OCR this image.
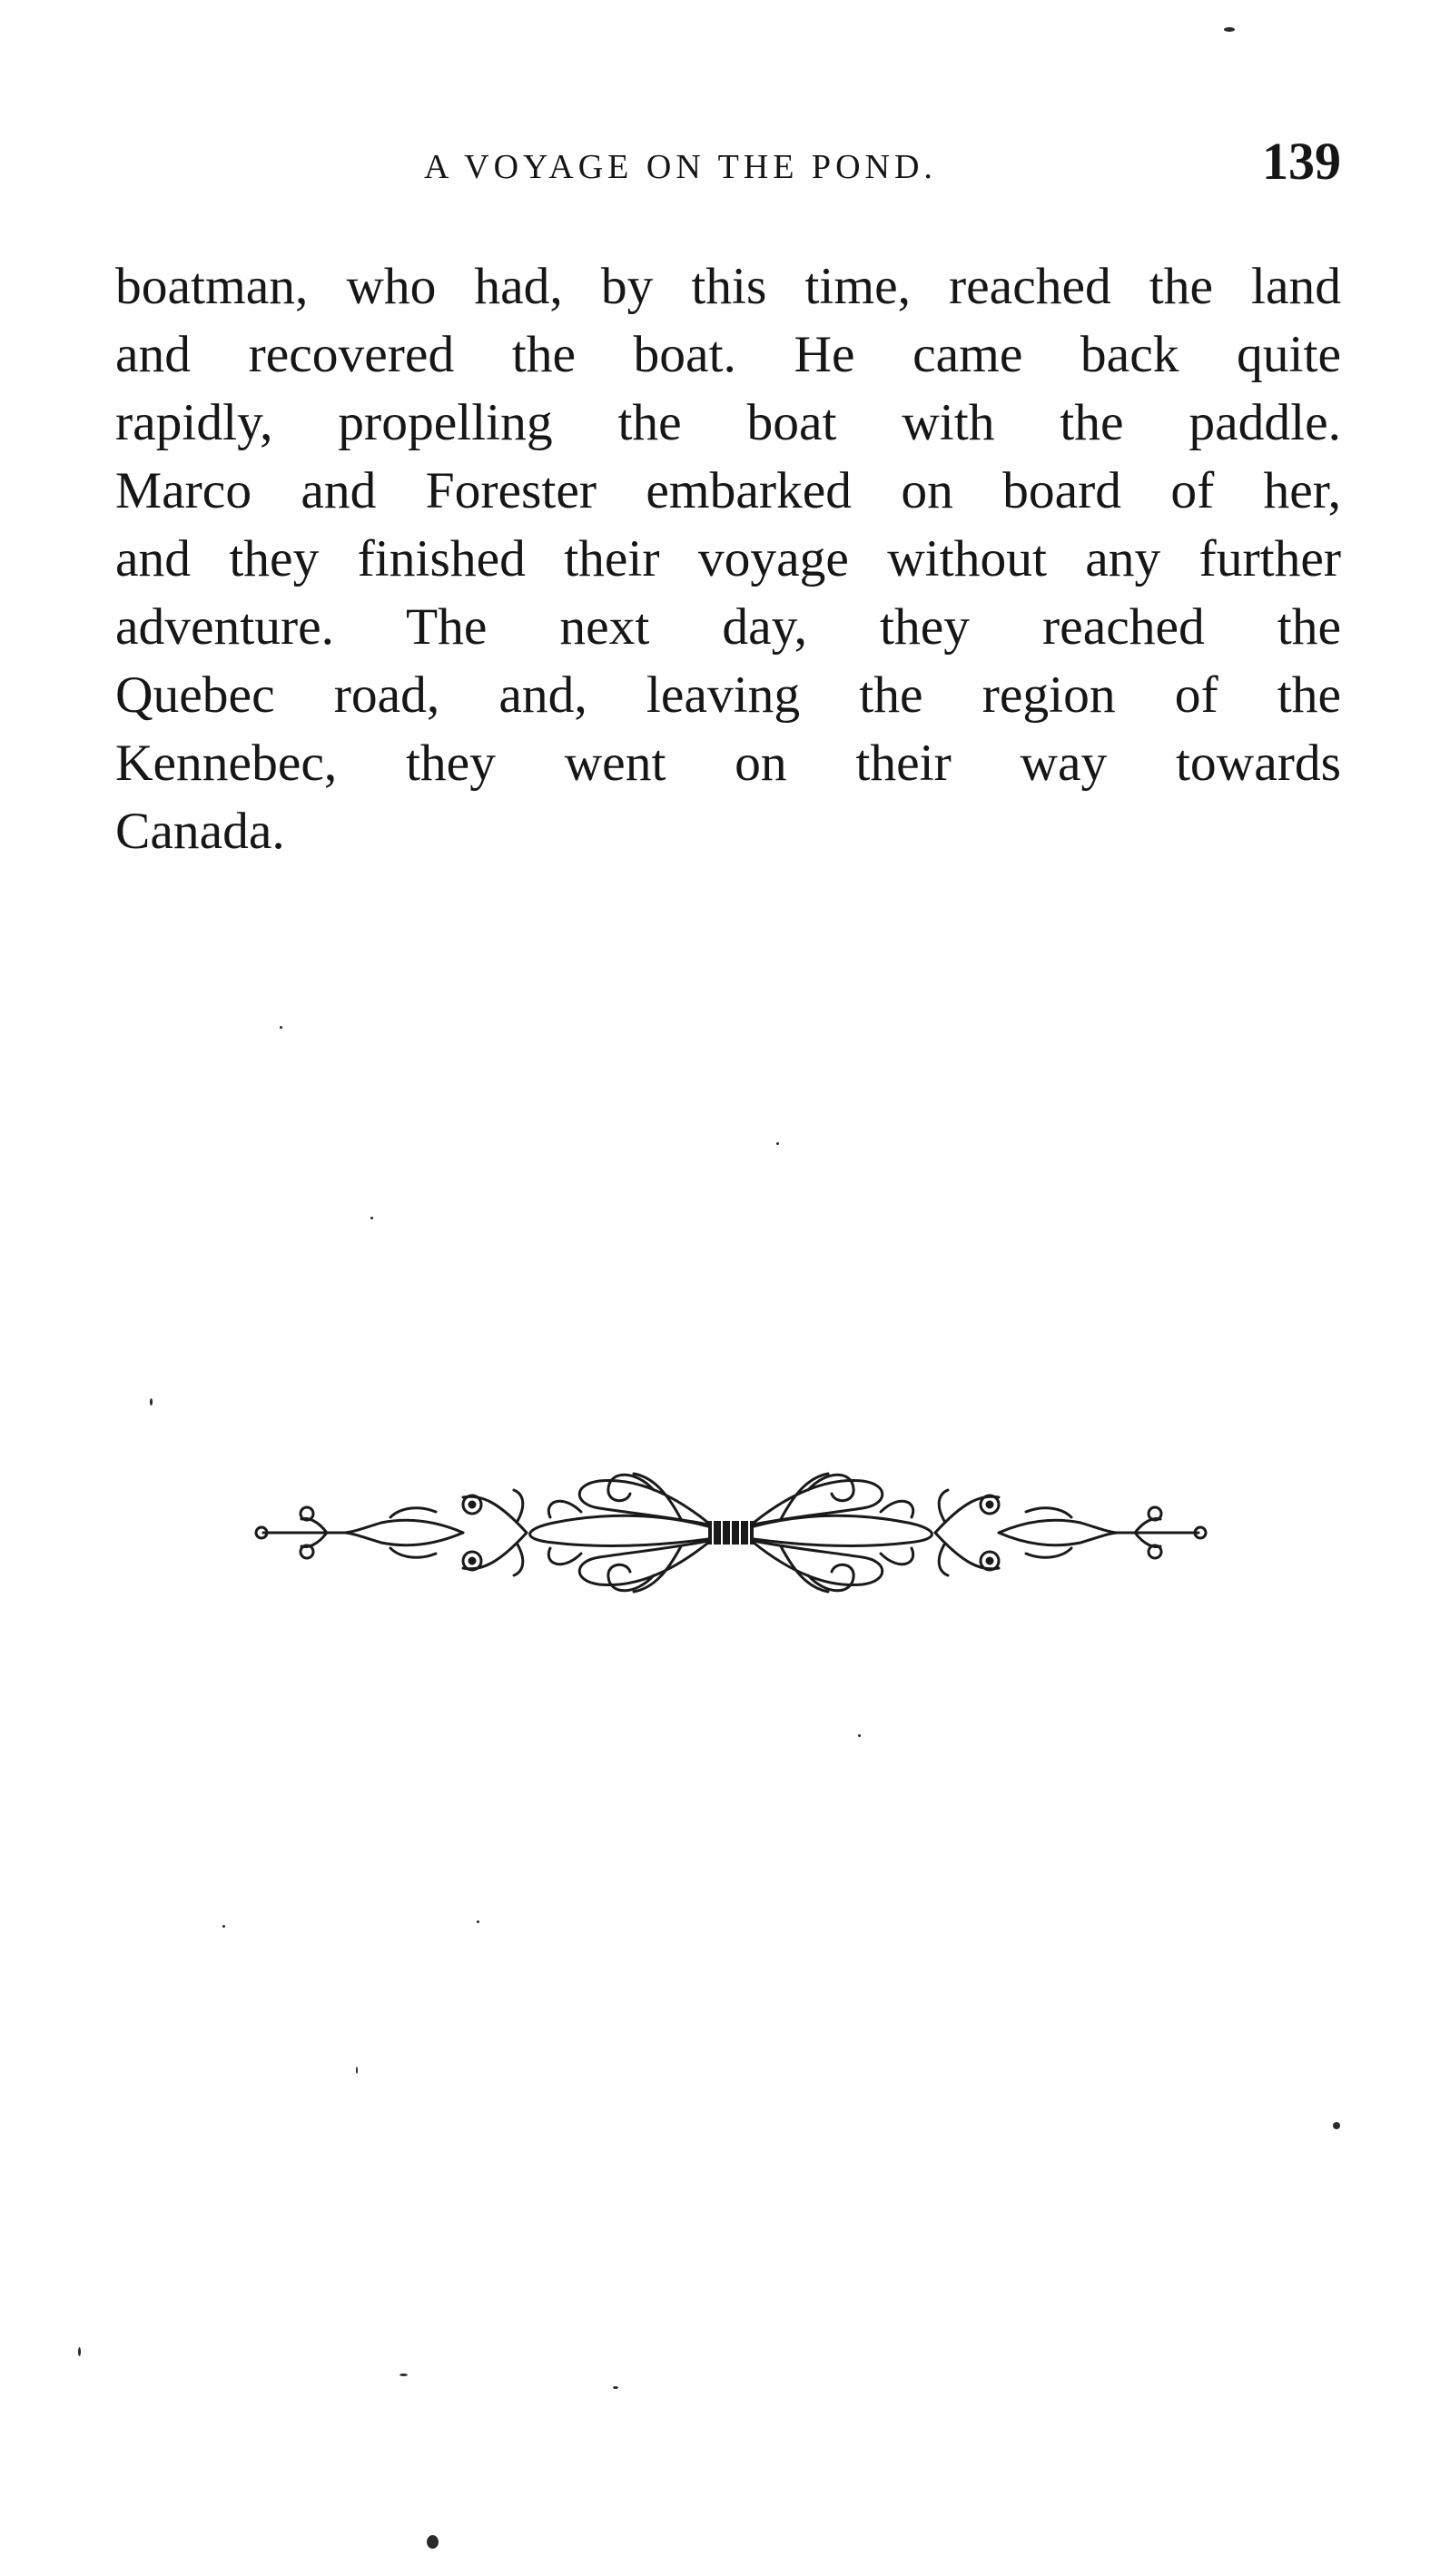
A VOYAGE ON THE POND.	139

boatman, who had, by this time, reached the land
and recovered the boat. He came back quite
rapidly, propelling the boat with the paddle.
Marco and Forester embarked on board of her,
and they finished their voyage without any further
adventure. The next day, they reached the
Quebec road, and, leaving the region of the
Kennebec, they went on their way towards
Canada.
